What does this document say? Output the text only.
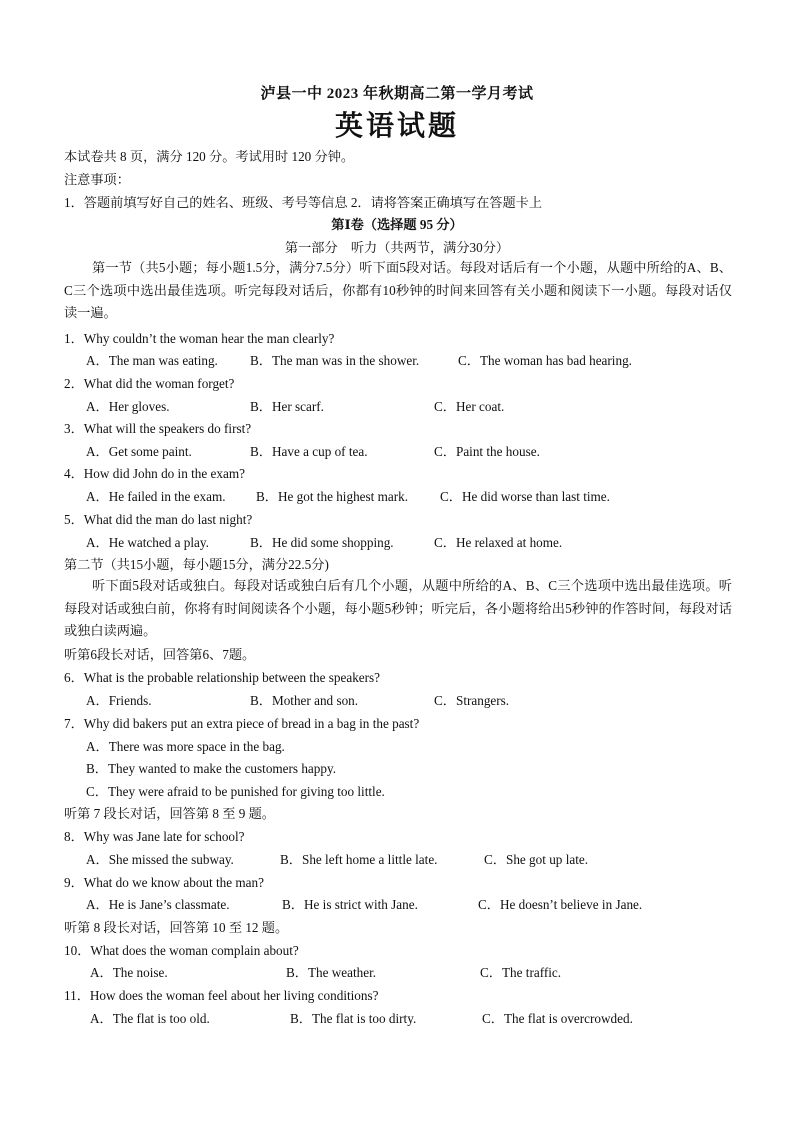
泸县一中 2023 年秋期高二第一学月考试
英语试题
本试卷共 8 页，满分 120 分。考试用时 120 分钟。
注意事项：
1．答题前填写好自己的姓名、班级、考号等信息 2．请将答案正确填写在答题卡上
第Ⅰ卷（选择题 95 分）
第一部分　听力（共两节，满分30分）
第一节（共5小题；每小题1.5分，满分7.5分）听下面5段对话。每段对话后有一个小题，从题中所给的A、B、C三个选项中选出最佳选项。听完每段对话后，你都有10秒钟的时间来回答有关小题和阅读下一小题。每段对话仅读一遍。
1．Why couldn’t the woman hear the man clearly?
A．The man was eating. B．The man was in the shower.	C．The woman has bad hearing.
2．What did the woman forget?
A．Her gloves.	B．Her scarf.	C．Her coat.
3．What will the speakers do first?
A．Get some paint.	B．Have a cup of tea.	C．Paint the house.
4．How did John do in the exam?
A．He failed in the exam. B．He got the highest mark. C．He did worse than last time.
5．What did the man do last night?
A．He watched a play.	B．He did some shopping.	C．He relaxed at home.
第二节（共15小题，每小题15分，满分22.5分)
听下面5段对话或独白。每段对话或独白后有几个小题，从题中所给的A、B、C三个选项中选出最佳选项。听每段对话或独白前，你将有时间阅读各个小题，每小题5秒钟；听完后，各小题将给出5秒钟的作答时间，每段对话或独白读两遍。
听第6段长对话，回答第6、7题。
6．What is the probable relationship between the speakers?
A．Friends.	B．Mother and son.	C．Strangers.
7．Why did bakers put an extra piece of bread in a bag in the past?
A．There was more space in the bag.
B．They wanted to make the customers happy.
C．They were afraid to be punished for giving too little.
听第 7 段长对话，回答第 8 至 9 题。
8．Why was Jane late for school?
A．She missed the subway.	B．She left home a little late.	C．She got up late.
9．What do we know about the man?
A．He is Jane’s classmate.	B．He is strict with Jane.	C．He doesn’t believe in Jane.
听第 8 段长对话，回答第 10 至 12 题。
10．What does the woman complain about?
A．The noise.	B．The weather.	C．The traffic.
11．How does the woman feel about her living conditions?
A．The flat is too old.	B．The flat is too dirty.	C．The flat is overcrowded.
